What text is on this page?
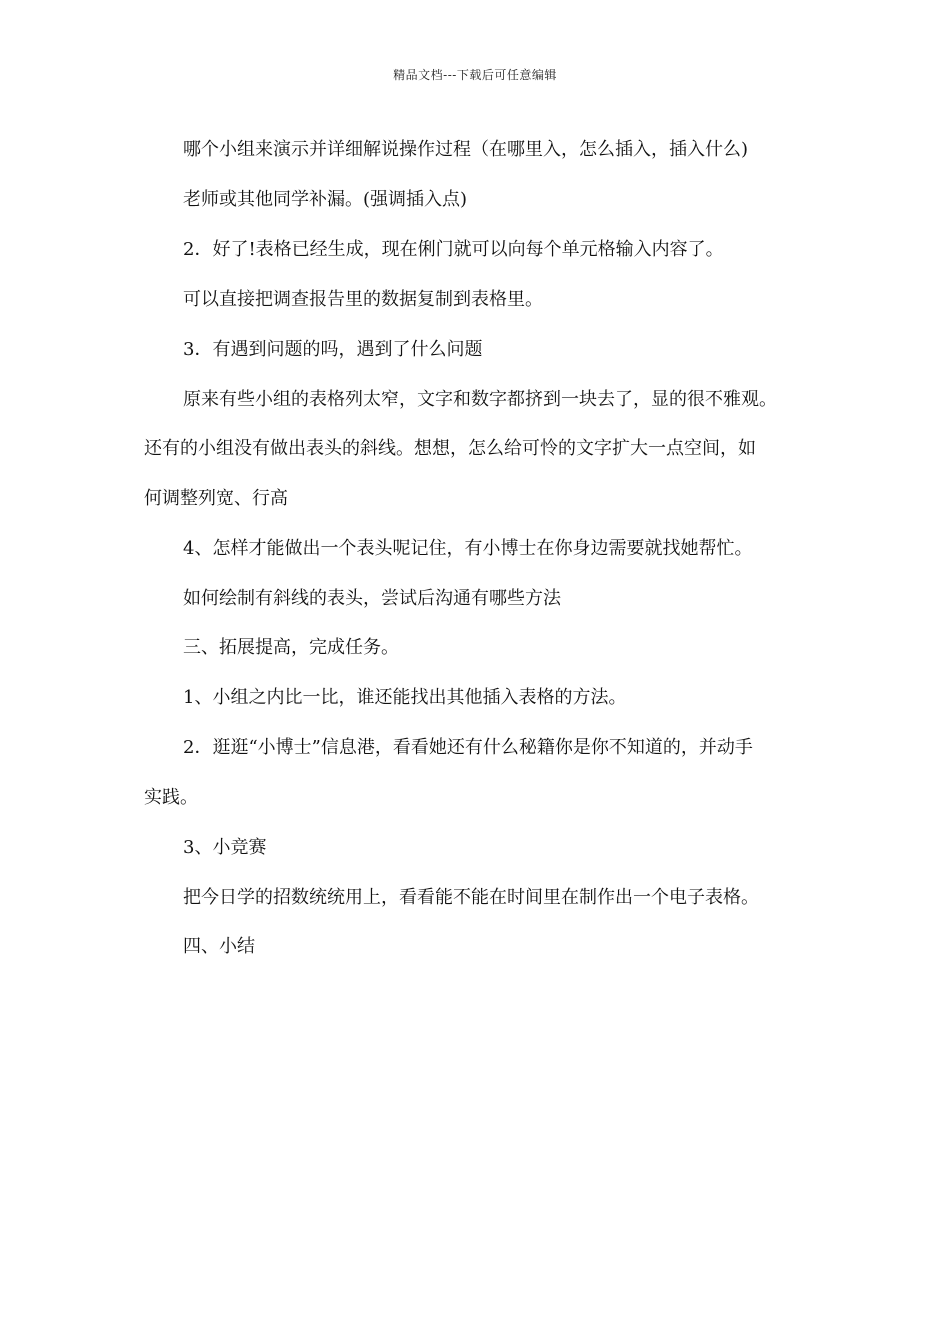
精品文档---下载后可任意编辑
哪个小组来演示并详细解说操作过程（在哪里入，怎么插入，插入什么)
老师或其他同学补漏。(强调插入点)
2．好了!表格已经生成，现在俐门就可以向每个单元格输入内容了。
可以直接把调查报告里的数据复制到表格里。
3．有遇到问题的吗，遇到了什么问题
原来有些小组的表格列太窄，文字和数字都挤到一块去了，显的很不雅观。
还有的小组没有做出表头的斜线。想想，怎么给可怜的文字扩大一点空间，如
何调整列宽、行高
4、怎样才能做出一个表头呢记住，有小博士在你身边需要就找她帮忙。
如何绘制有斜线的表头，尝试后沟通有哪些方法
三、拓展提高，完成任务。
1、小组之内比一比，谁还能找出其他插入表格的方法。
2．逛逛“小博士”信息港，看看她还有什么秘籍你是你不知道的，并动手
实践。
3、小竞赛
把今日学的招数统统用上，看看能不能在时间里在制作出一个电子表格。
四、小结
